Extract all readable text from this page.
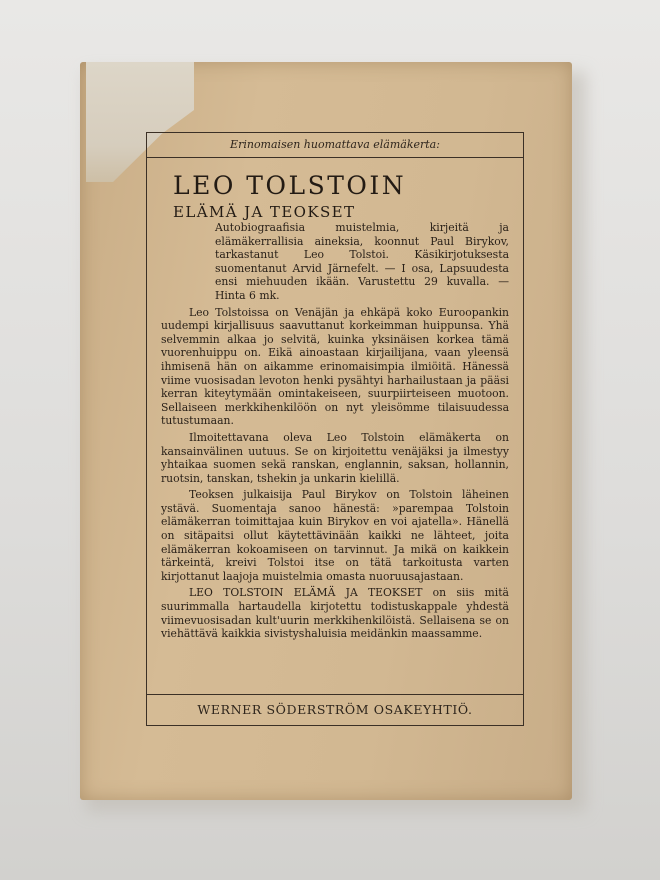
Erinomaisen huomattava elämäkerta:
LEO TOLSTOIN
ELÄMÄ JA TEOKSET
Autobiograafisia muistelmia, kirjeitä ja elämäkerrallisia aineksia, koonnut Paul Birykov, tarkastanut Leo Tolstoi. Käsikirjotuksesta suomentanut Arvid Järnefelt. — I osa, Lapsuudesta ensi miehuuden ikään. Varustettu 29 kuvalla. — Hinta 6 mk.
Leo Tolstoissa on Venäjän ja ehkäpä koko Euroopankin uudempi kirjallisuus saavuttanut korkeimman huippunsa. Yhä selvemmin alkaa jo selvitä, kuinka yksinäisen korkea tämä vuorenhuippu on. Eikä ainoastaan kirjailijana, vaan yleensä ihmisenä hän on aikamme erinomaisimpia ilmiöitä. Hänessä viime vuosisadan levoton henki pysähtyi harhailustaan ja pääsi kerran kiteytymään omintakeiseen, suurpiirteiseen muotoon. Sellaiseen merkkihenkilöön on nyt yleisömme tilaisuudessa tutustumaan.
Ilmoitettavana oleva Leo Tolstoin elämäkerta on kansainvälinen uutuus. Se on kirjoitettu venäjäksi ja ilmestyy yhtaikaa suomen sekä ranskan, englannin, saksan, hollannin, ruotsin, tanskan, tshekin ja unkarin kielillä.
Teoksen julkaisija Paul Birykov on Tolstoin läheinen ystävä. Suomentaja sanoo hänestä: »parempaa Tolstoin elämäkerran toimittajaa kuin Birykov en voi ajatella». Hänellä on sitäpaitsi ollut käytettävinään kaikki ne lähteet, joita elämäkerran kokoamiseen on tarvinnut. Ja mikä on kaikkein tärkeintä, kreivi Tolstoi itse on tätä tarkoitusta varten kirjottanut laajoja muistelmia omasta nuoruusajastaan.
LEO TOLSTOIN ELÄMÄ JA TEOKSET on siis mitä suurimmalla hartaudella kirjotettu todistuskappale yhdestä viimevuosisadan kult'uurin merkkihenkilöistä. Sellaisena se on viehättävä kaikkia sivistyshaluisia meidänkin maassamme.
WERNER SÖDERSTRÖM OSAKEYHTIÖ.
